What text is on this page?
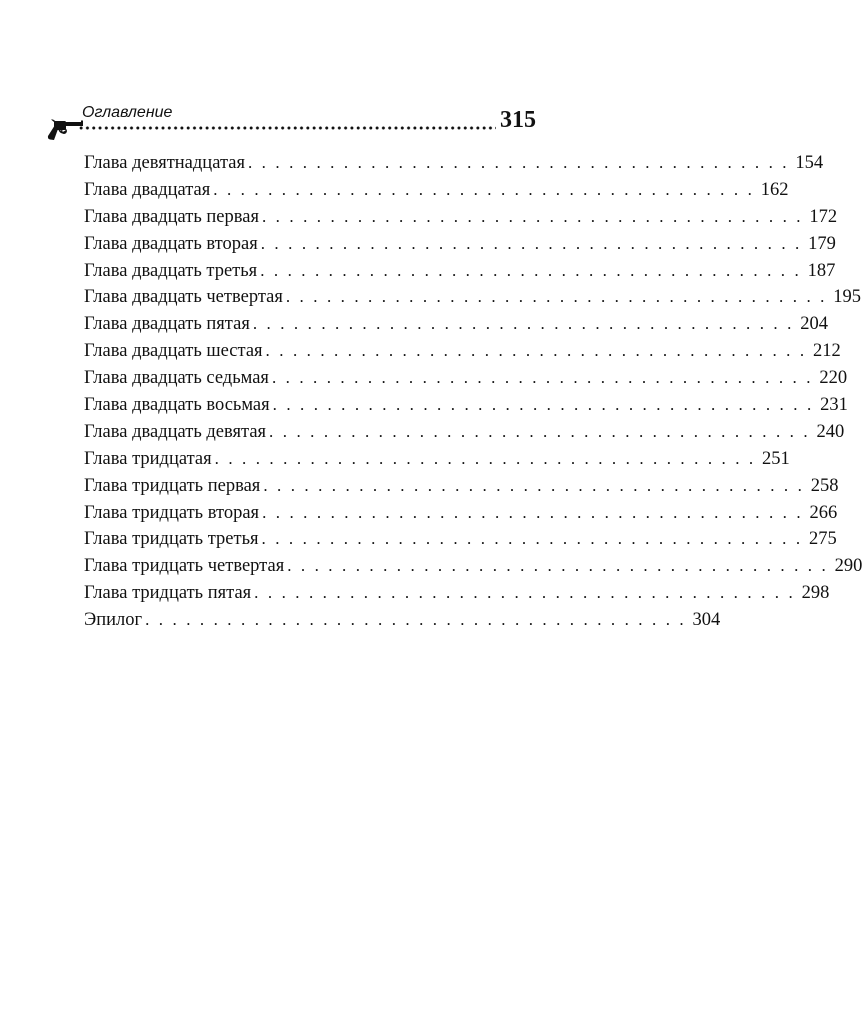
Оглавление	315
Глава девятнадцатая . . . . . . . . . . . . . . . . . . . . . . . . . . . . . . . . . . . . . . . . 154
Глава двадцатая . . . . . . . . . . . . . . . . . . . . . . . . . . . . . . . . . . . . . . . . 162
Глава двадцать первая . . . . . . . . . . . . . . . . . . . . . . . . . . . . . . . . . . . . . . . . 172
Глава двадцать вторая . . . . . . . . . . . . . . . . . . . . . . . . . . . . . . . . . . . . . . . . 179
Глава двадцать третья . . . . . . . . . . . . . . . . . . . . . . . . . . . . . . . . . . . . . . . . 187
Глава двадцать четвертая . . . . . . . . . . . . . . . . . . . . . . . . . . . . . . . . . . . . . . . . 195
Глава двадцать пятая . . . . . . . . . . . . . . . . . . . . . . . . . . . . . . . . . . . . . . . . 204
Глава двадцать шестая . . . . . . . . . . . . . . . . . . . . . . . . . . . . . . . . . . . . . . . . 212
Глава двадцать седьмая . . . . . . . . . . . . . . . . . . . . . . . . . . . . . . . . . . . . . . . . 220
Глава двадцать восьмая . . . . . . . . . . . . . . . . . . . . . . . . . . . . . . . . . . . . . . . . 231
Глава двадцать девятая . . . . . . . . . . . . . . . . . . . . . . . . . . . . . . . . . . . . . . . . 240
Глава тридцатая . . . . . . . . . . . . . . . . . . . . . . . . . . . . . . . . . . . . . . . . 251
Глава тридцать первая . . . . . . . . . . . . . . . . . . . . . . . . . . . . . . . . . . . . . . . . 258
Глава тридцать вторая . . . . . . . . . . . . . . . . . . . . . . . . . . . . . . . . . . . . . . . . 266
Глава тридцать третья . . . . . . . . . . . . . . . . . . . . . . . . . . . . . . . . . . . . . . . . 275
Глава тридцать четвертая . . . . . . . . . . . . . . . . . . . . . . . . . . . . . . . . . . . . . . . . 290
Глава тридцать пятая . . . . . . . . . . . . . . . . . . . . . . . . . . . . . . . . . . . . . . . . 298
Эпилог . . . . . . . . . . . . . . . . . . . . . . . . . . . . . . . . . . . . . . . . 304
